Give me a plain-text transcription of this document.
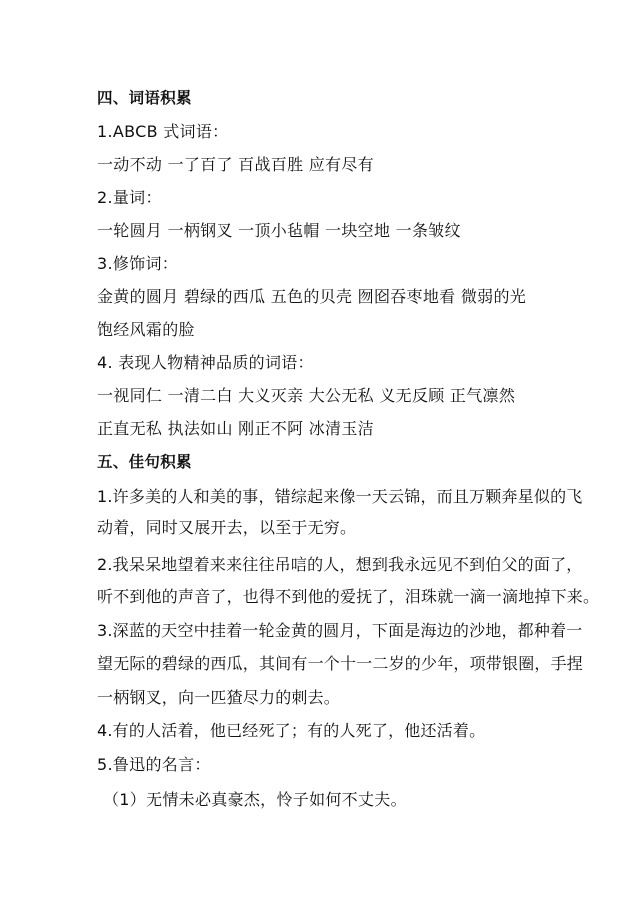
四、词语积累
1.ABCB 式词语：
一动不动 一了百了 百战百胜 应有尽有
2.量词：
一轮圆月 一柄钢叉 一顶小毡帽 一块空地 一条皱纹
3.修饰词：
金黄的圆月 碧绿的西瓜 五色的贝壳 囫囵吞枣地看 微弱的光
饱经风霜的脸
4. 表现人物精神品质的词语：
一视同仁 一清二白 大义灭亲 大公无私 义无反顾 正气凛然
正直无私 执法如山 刚正不阿 冰清玉洁
五、佳句积累
1.许多美的人和美的事，错综起来像一天云锦，而且万颗奔星似的飞
动着，同时又展开去，以至于无穷。
2.我呆呆地望着来来往往吊唁的人，想到我永远见不到伯父的面了，
听不到他的声音了，也得不到他的爱抚了，泪珠就一滴一滴地掉下来。
3.深蓝的天空中挂着一轮金黄的圆月，下面是海边的沙地，都种着一
望无际的碧绿的西瓜，其间有一个十一二岁的少年，项带银圈，手捏
一柄钢叉，向一匹猹尽力的刺去。
4.有的人活着，他已经死了；有的人死了，他还活着。
5.鲁迅的名言：
（1）无情未必真豪杰，怜子如何不丈夫。
